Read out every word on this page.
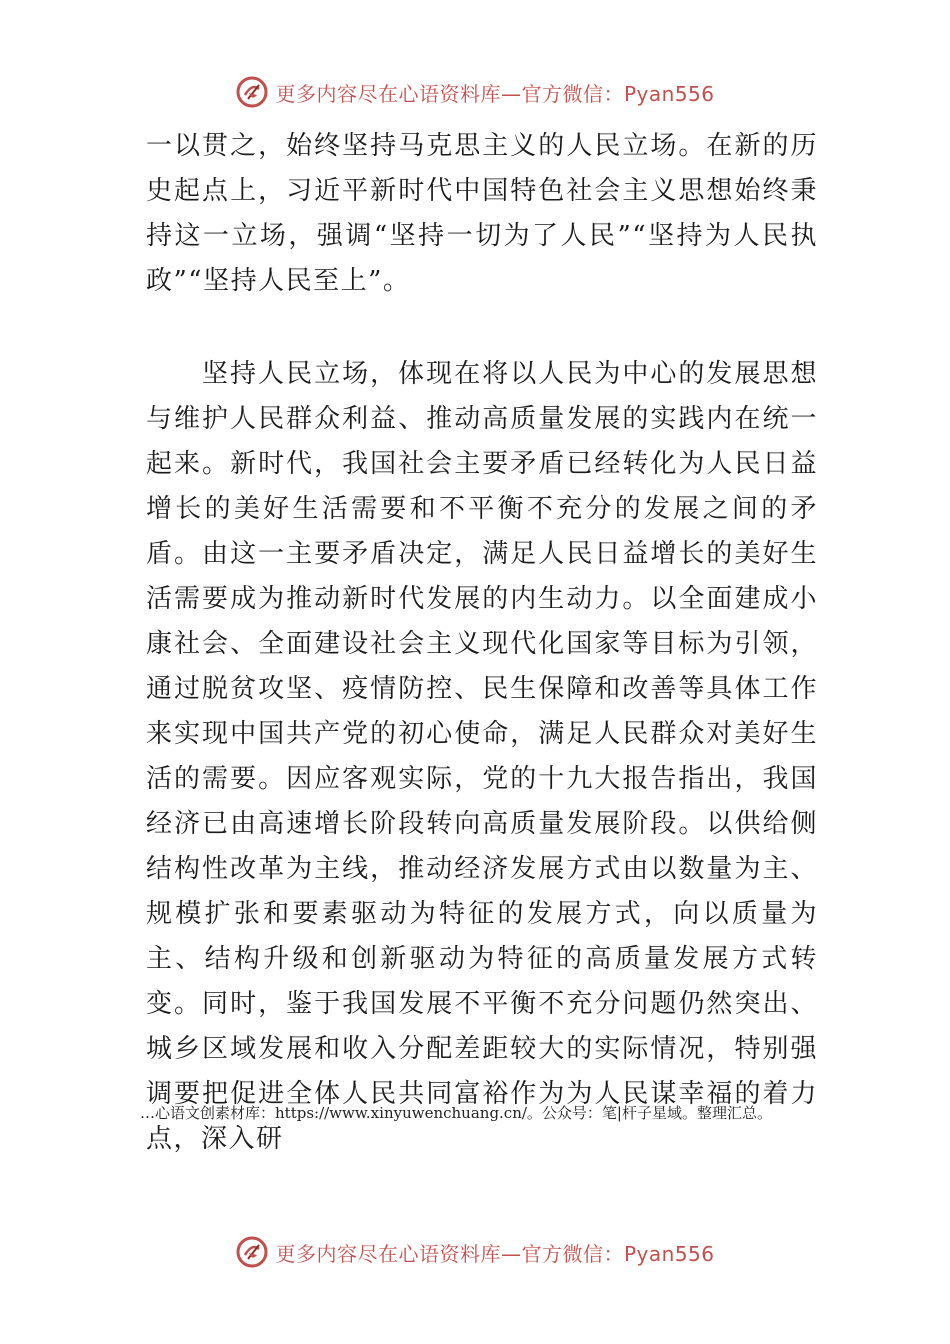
更多内容尽在心语资料库—官方微信：Pyan556

一以贯之，始终坚持马克思主义的人民立场。在新的历史起点上，习近平新时代中国特色社会主义思想始终秉持这一立场，强调“坚持一切为了人民”“坚持为人民执政”“坚持人民至上”。

坚持人民立场，体现在将以人民为中心的发展思想与维护人民群众利益、推动高质量发展的实践内在统一起来。新时代，我国社会主要矛盾已经转化为人民日益增长的美好生活需要和不平衡不充分的发展之间的矛盾。由这一主要矛盾决定，满足人民日益增长的美好生活需要成为推动新时代发展的内生动力。以全面建成小康社会、全面建设社会主义现代化国家等目标为引领，通过脱贫攻坚、疫情防控、民生保障和改善等具体工作来实现中国共产党的初心使命，满足人民群众对美好生活的需要。因应客观实际，党的十九大报告指出，我国经济已由高速增长阶段转向高质量发展阶段。以供给侧结构性改革为主线，推动经济发展方式由以数量为主、规模扩张和要素驱动为特征的发展方式，向以质量为主、结构升级和创新驱动为特征的高质量发展方式转变。同时，鉴于我国发展不平衡不充分问题仍然突出、城乡区域发展和收入分配差距较大的实际情况，特别强调要把促进全体人民共同富裕作为为人民谋幸福的着力点，深入研

…心语文创素材库：https://www.xinyuwenchuang.cn/。公众号：笔|杆子星域。整理汇总。
更多内容尽在心语资料库—官方微信：Pyan556
